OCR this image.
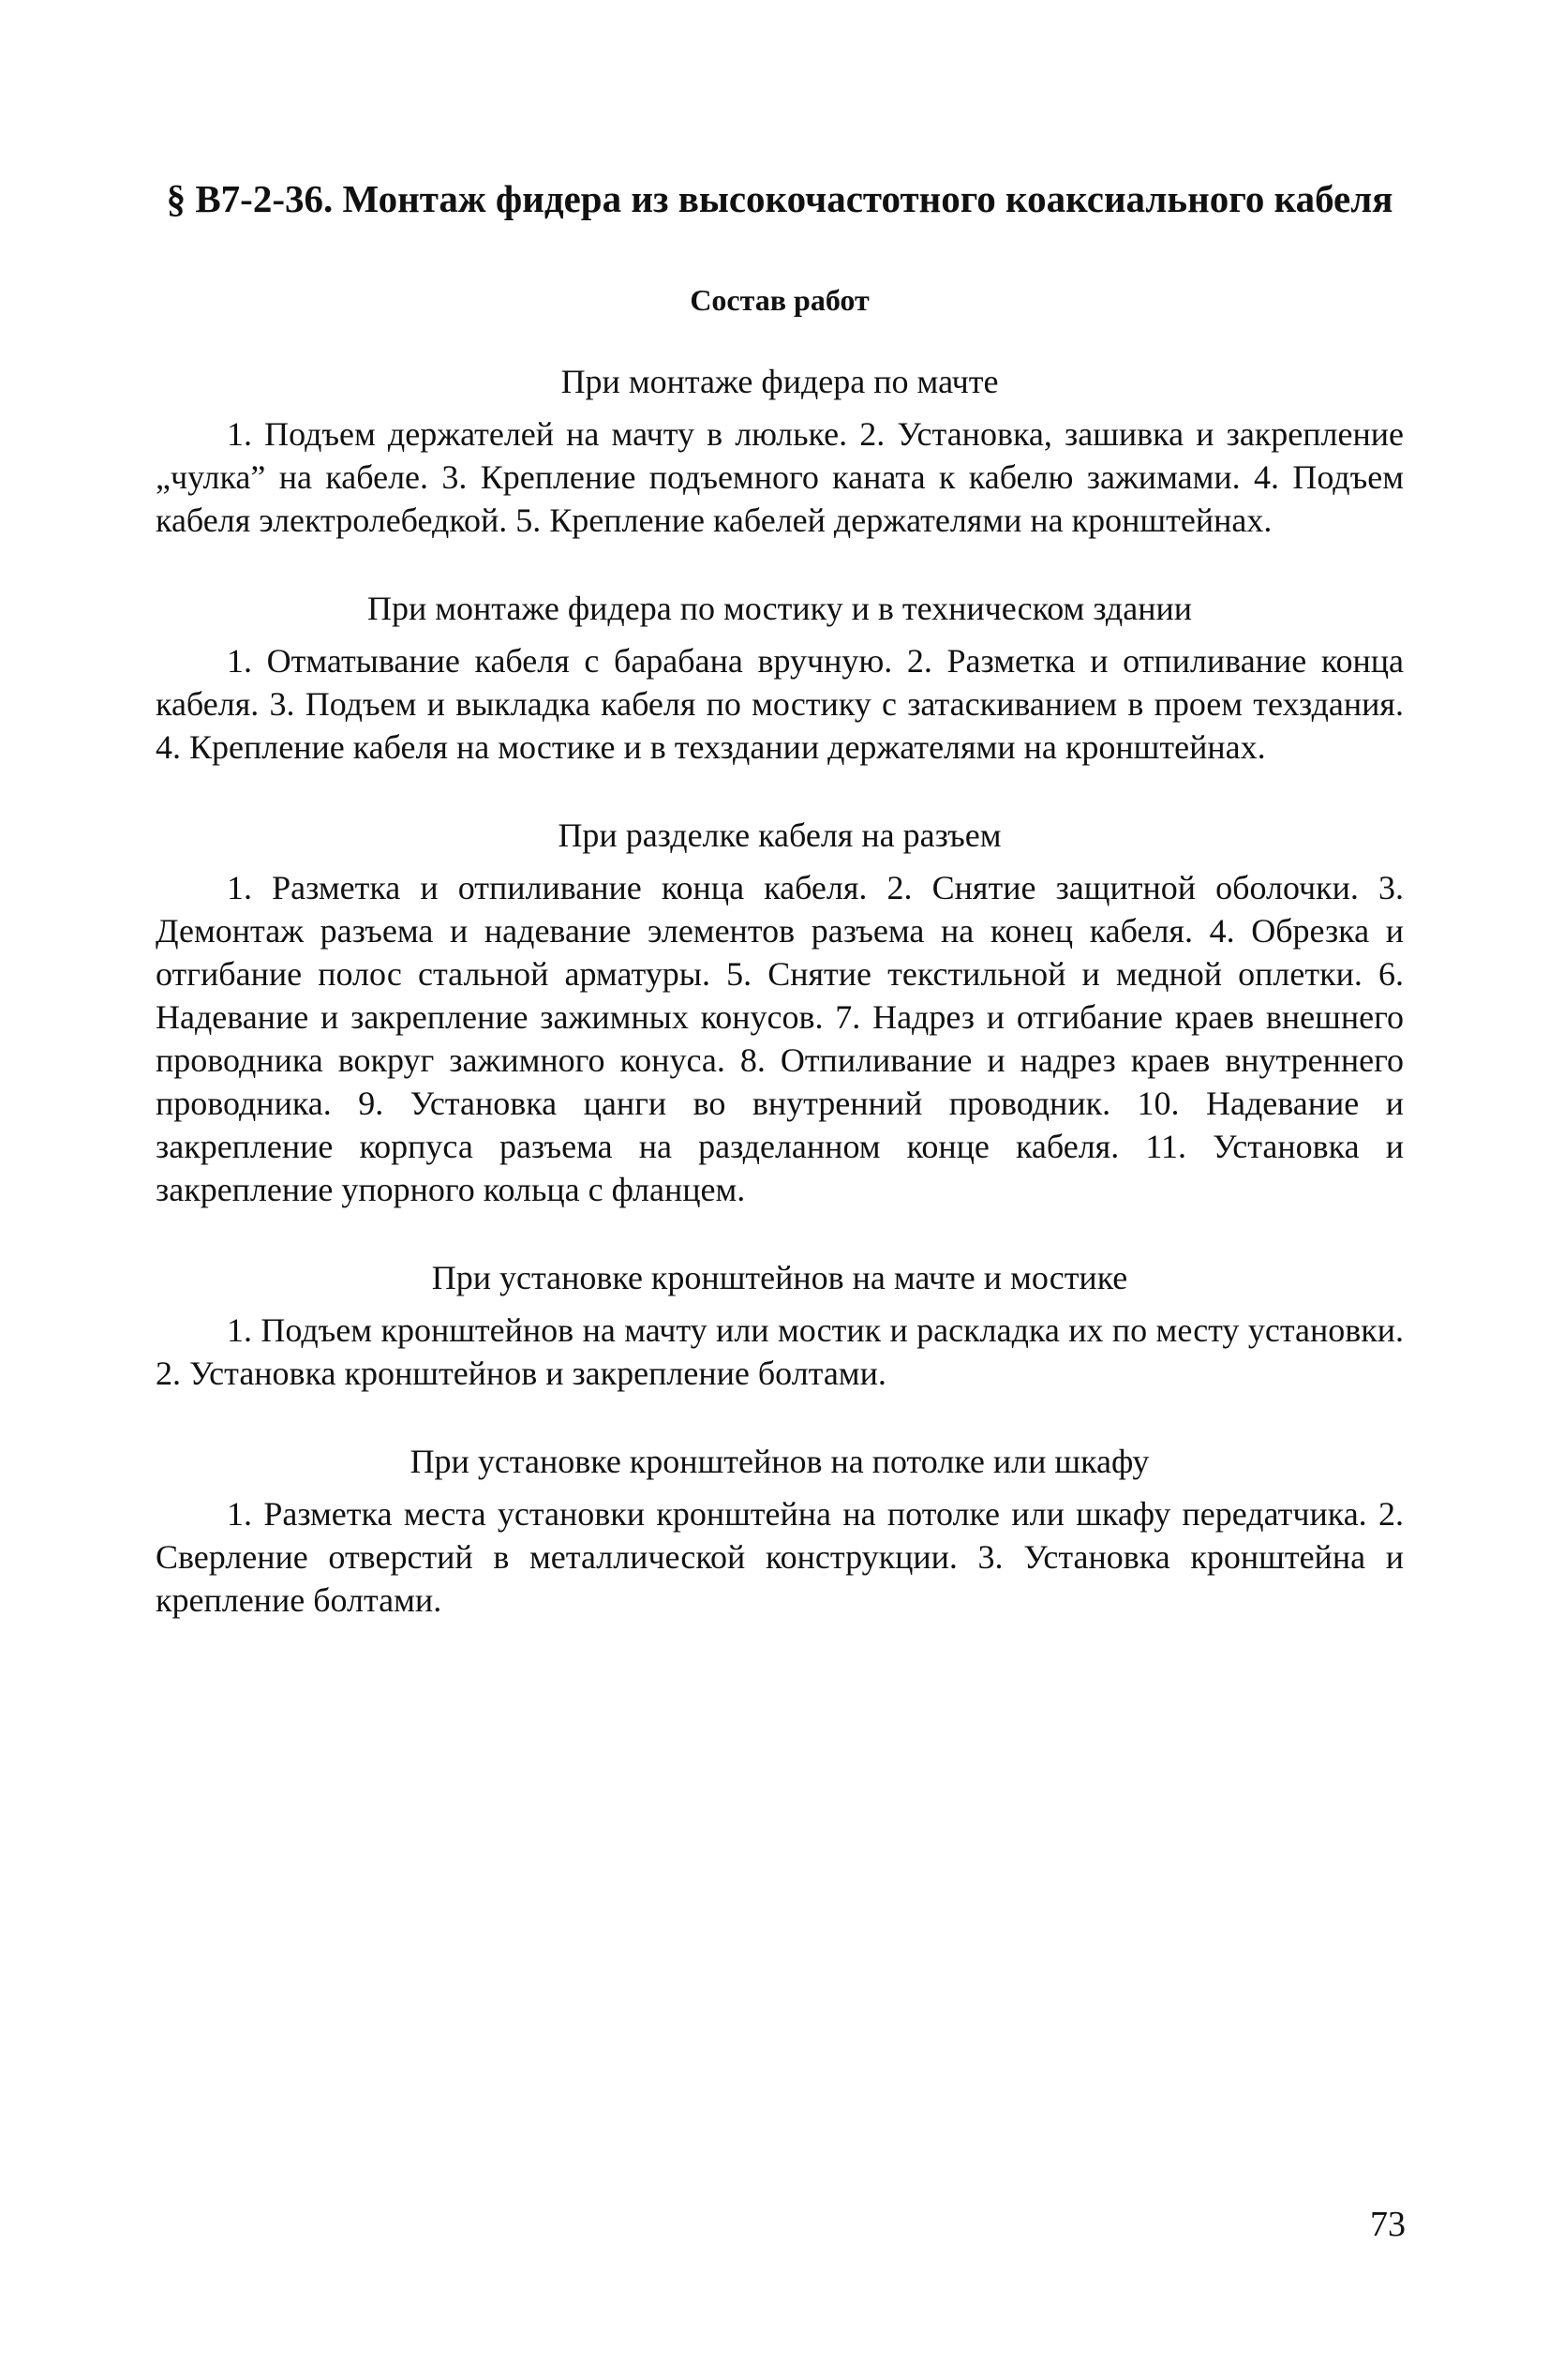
§ В7-2-36. Монтаж фидера из высокочастотного коаксиального кабеля
Состав работ
При монтаже фидера по мачте

1. Подъем держателей на мачту в люльке. 2. Установка, зашивка и закрепление „чулка” на кабеле. 3. Крепление подъемного каната к кабелю зажимами. 4. Подъем кабеля электролебедкой. 5. Крепление кабелей держателями на кронштейнах.

При монтаже фидера по мостику и в техническом здании

1. Отматывание кабеля с барабана вручную. 2. Разметка и отпиливание конца кабеля. 3. Подъем и выкладка кабеля по мостику с затаскиванием в проем техздания. 4. Крепление кабеля на мостике и в техздании держателями на кронштейнах.

При разделке кабеля на разъем

1. Разметка и отпиливание конца кабеля. 2. Снятие защитной оболочки. 3. Демонтаж разъема и надевание элементов разъема на конец кабеля. 4. Обрезка и отгибание полос стальной арматуры. 5. Снятие текстильной и медной оплетки. 6. Надевание и закрепление зажимных конусов. 7. Надрез и отгибание краев внешнего проводника вокруг зажимного конуса. 8. Отпиливание и надрез краев внутреннего проводника. 9. Установка цанги во внутренний проводник. 10. Надевание и закрепление корпуса разъема на разделанном конце кабеля. 11. Установка и закрепление упорного кольца с фланцем.

При установке кронштейнов на мачте и мостике

1. Подъем кронштейнов на мачту или мостик и раскладка их по месту установки. 2. Установка кронштейнов и закрепление болтами.

При установке кронштейнов на потолке или шкафу

1. Разметка места установки кронштейна на потолке или шкафу передатчика. 2. Сверление отверстий в металлической конструкции. 3. Установка кронштейна и крепление болтами.

73
